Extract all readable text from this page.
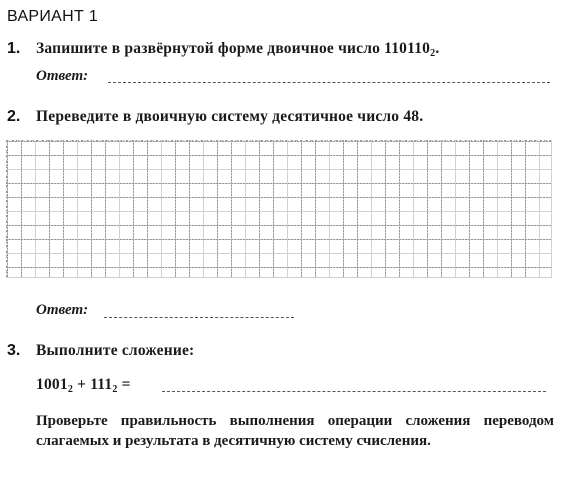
ВАРИАНТ 1
1. Запишите в развёрнутой форме двоичное число $110110_2$.
Ответ:
2. Переведите в двоичную систему десятичное число 48.
Ответ:
3. Выполните сложение:
$1001_2 + 111_2$ =
Проверьте правильность выполнения операции сложения переводом слагаемых и результата в десятичную систему счисления.
